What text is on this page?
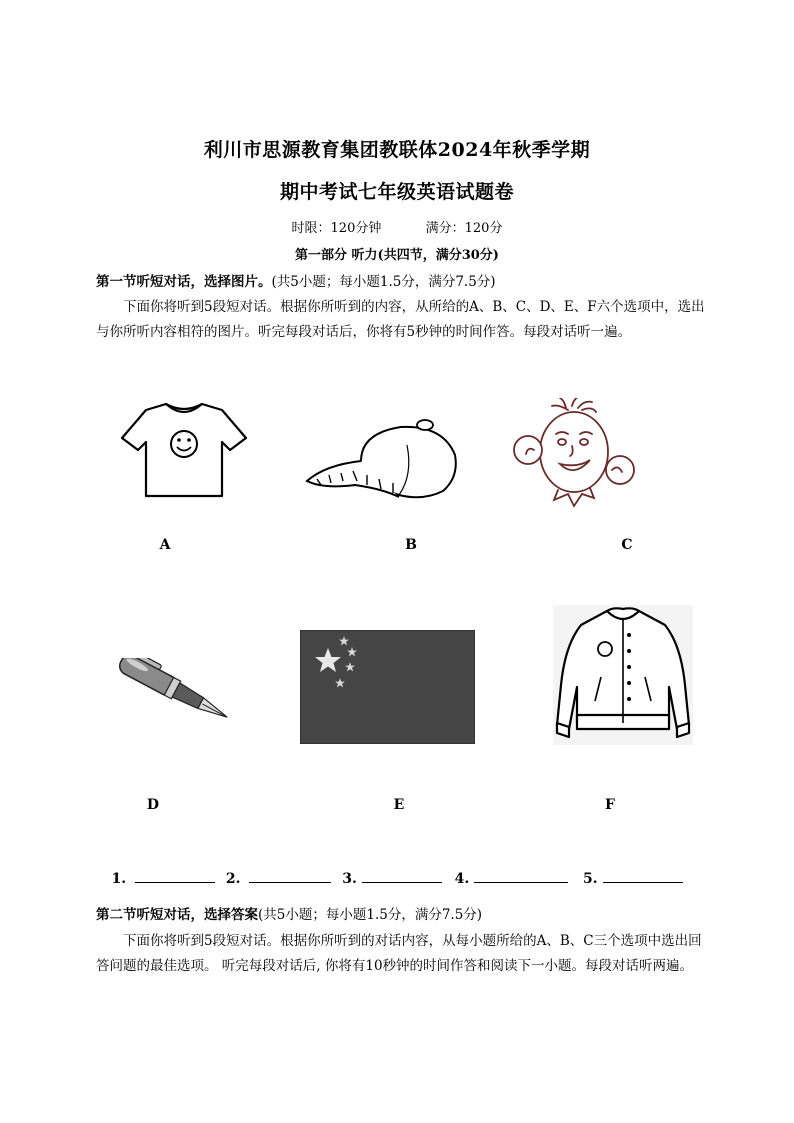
利川市思源教育集团教联体2024年秋季学期
期中考试七年级英语试题卷
时限：120分钟	满分：120分
第一部分 听力(共四节，满分30分)
第一节听短对话，选择图片。(共5小题；每小题1.5分，满分7.5分)
下面你将听到5段短对话。根据你所听到的内容，从所给的A、B、C、D、E、F六个选项中，选出与你所听内容相符的图片。听完每段对话后，你将有5秒钟的时间作答。每段对话听一遍。
A	B	C
D	E	F
1.	2.	3.	4.	5.
第二节听短对话，选择答案(共5小题；每小题1.5分，满分7.5分)
下面你将听到5段短对话。根据你所听到的对话内容，从每小题所给的A、B、C三个选项中选出回答问题的最佳选项。 听完每段对话后, 你将有10秒钟的时间作答和阅读下一小题。每段对话听两遍。
